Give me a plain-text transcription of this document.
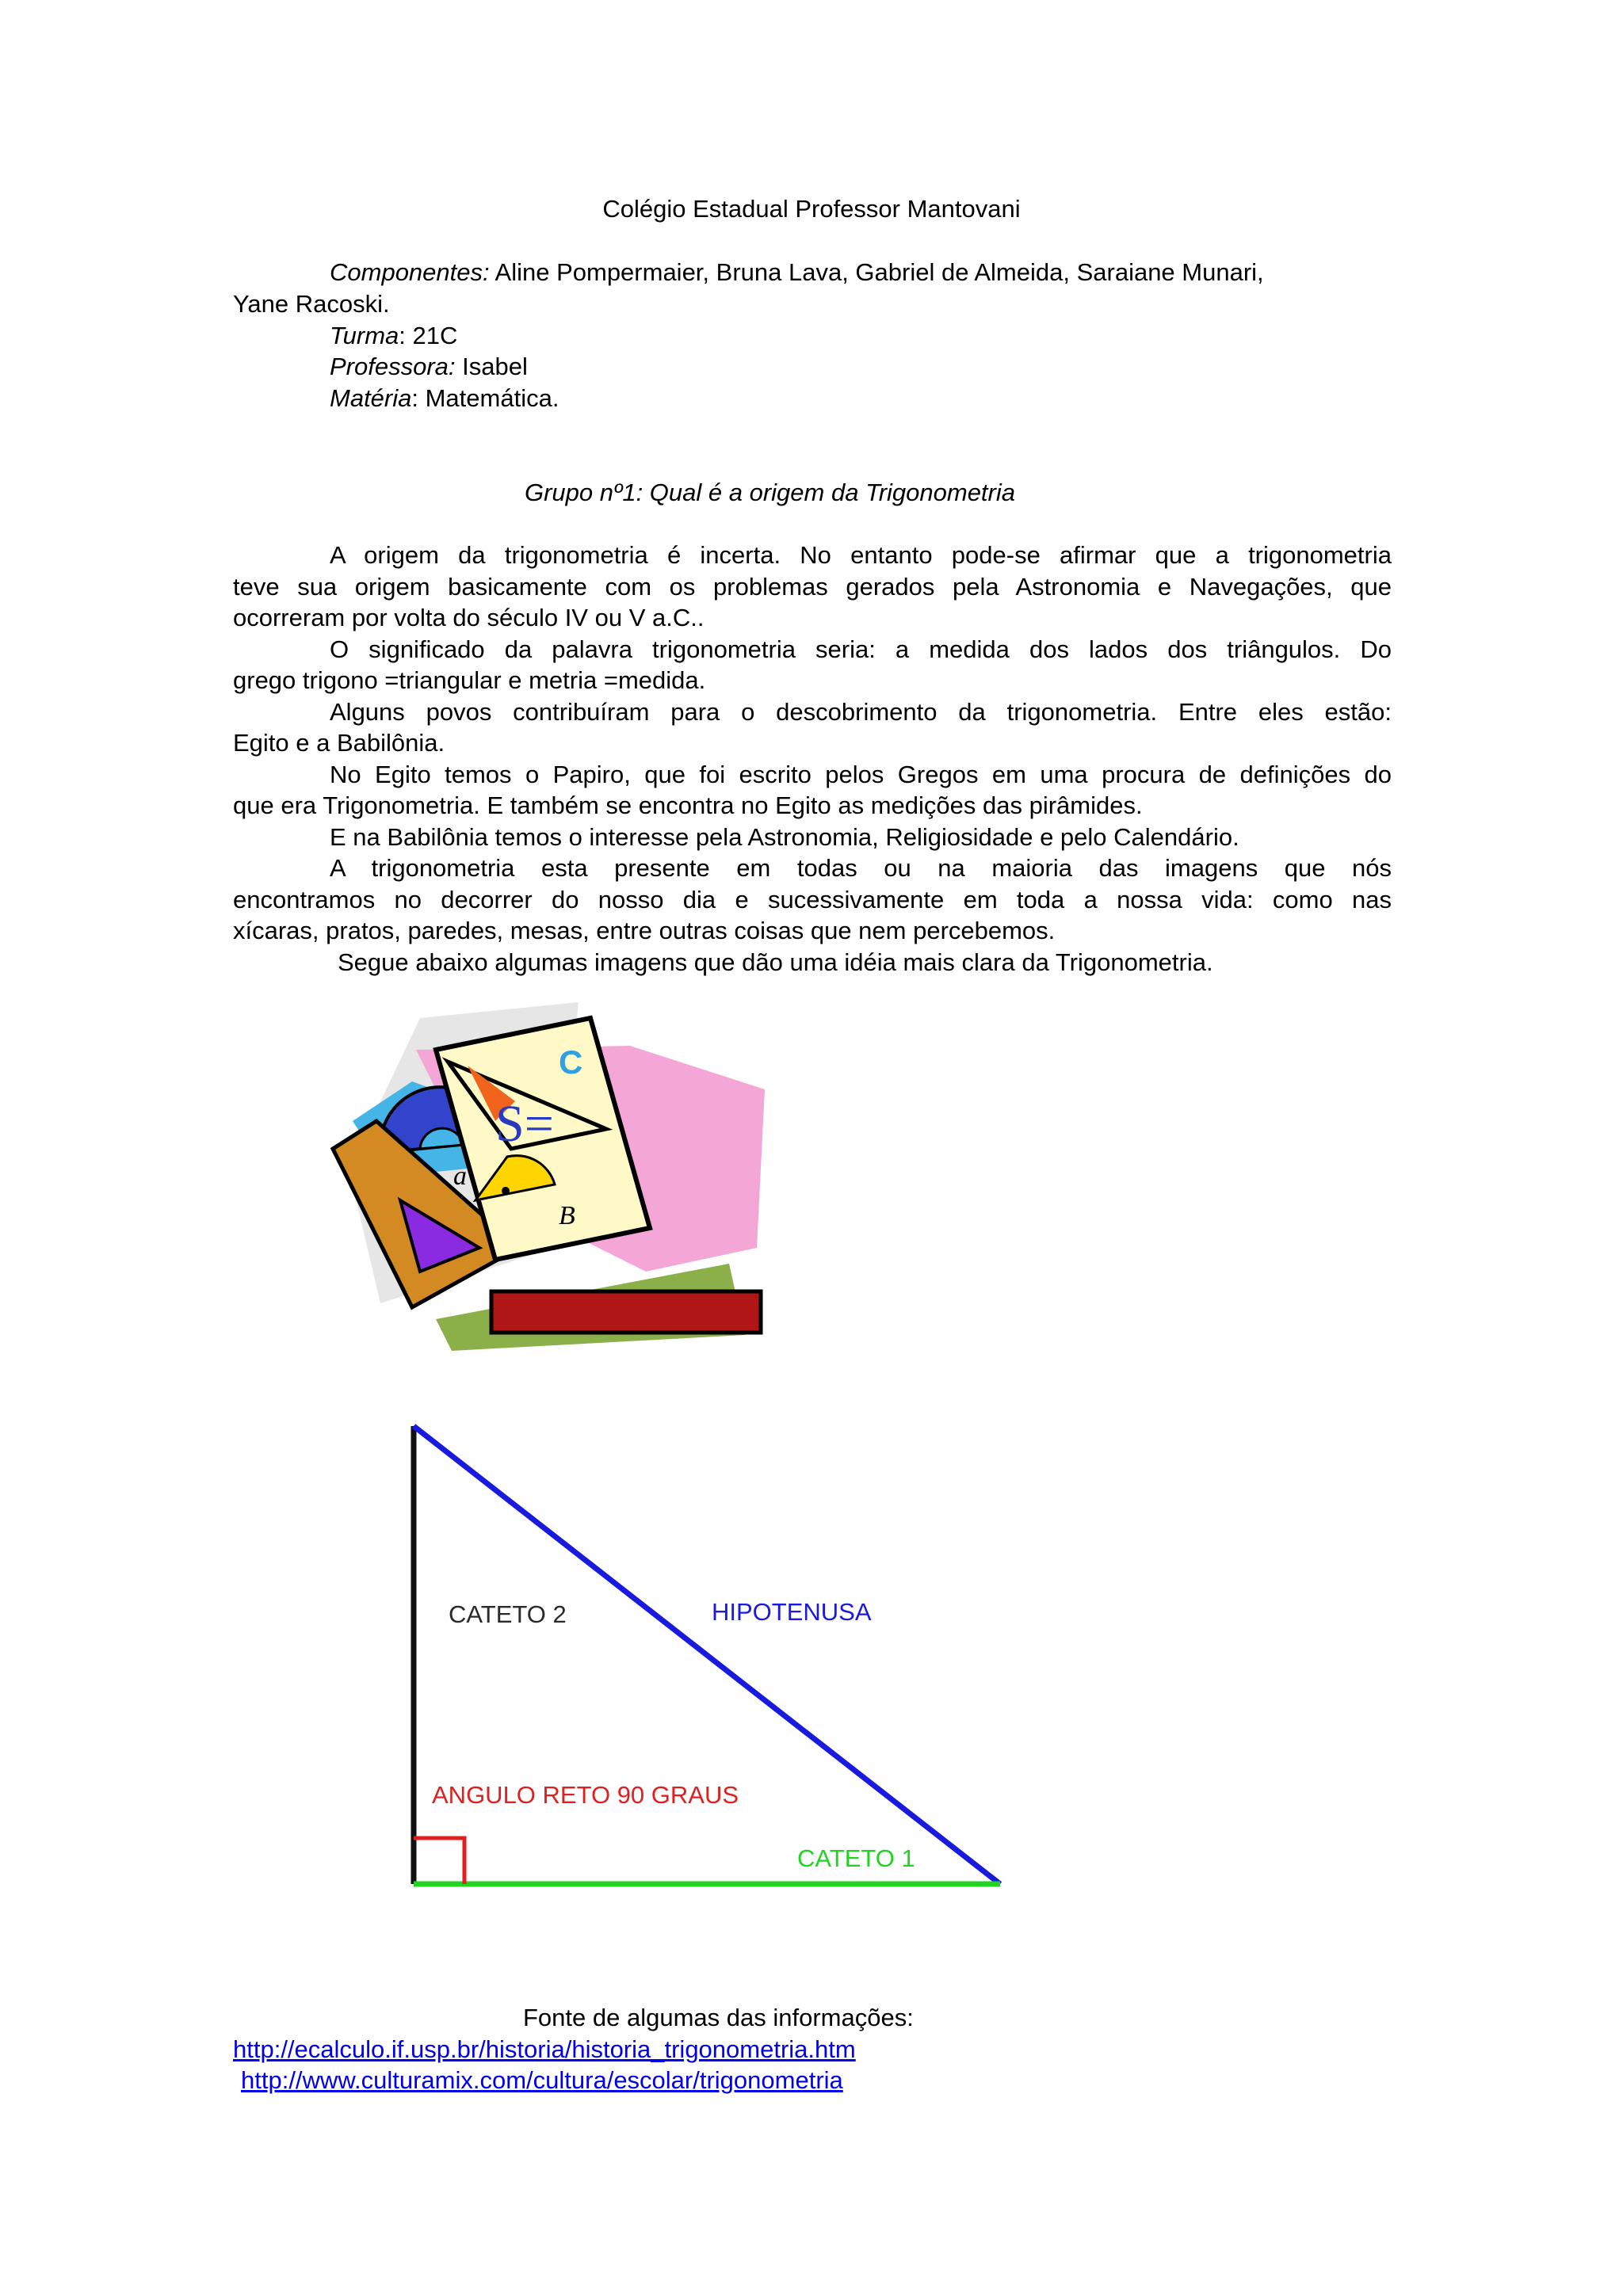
Colégio Estadual Professor Mantovani
Componentes: Aline Pompermaier, Bruna Lava, Gabriel de Almeida, Saraiane Munari,
Yane Racoski.
Turma: 21C
Professora: Isabel
Matéria: Matemática.
Grupo nº1: Qual é a origem da Trigonometria
A origem da trigonometria é incerta. No entanto pode-se afirmar que a trigonometria
teve sua origem basicamente com os problemas gerados pela Astronomia e Navegações, que
ocorreram por volta do século IV ou V a.C..
O significado da palavra trigonometria seria: a medida dos lados dos triângulos. Do
grego trigono =triangular e metria =medida.
Alguns povos contribuíram para o descobrimento da trigonometria. Entre eles estão:
Egito e a Babilônia.
No Egito temos o Papiro, que foi escrito pelos Gregos em uma procura de definições do
que era Trigonometria. E também se encontra no Egito as medições das pirâmides.
E na Babilônia temos o interesse pela Astronomia, Religiosidade e pelo Calendário.
A trigonometria esta presente em todas ou na maioria das imagens que nós
encontramos no decorrer do nosso dia e sucessivamente em toda a nossa vida: como nas
xícaras, pratos, paredes, mesas, entre outras coisas que nem percebemos.
Segue abaixo algumas imagens que dão uma idéia mais clara da Trigonometria.
C
S=
a
B
CATETO 2	HIPOTENUSA
ANGULO RETO 90 GRAUS
CATETO 1
Fonte de algumas das informações:
http://ecalculo.if.usp.br/historia/historia_trigonometria.htm
http://www.culturamix.com/cultura/escolar/trigonometria
